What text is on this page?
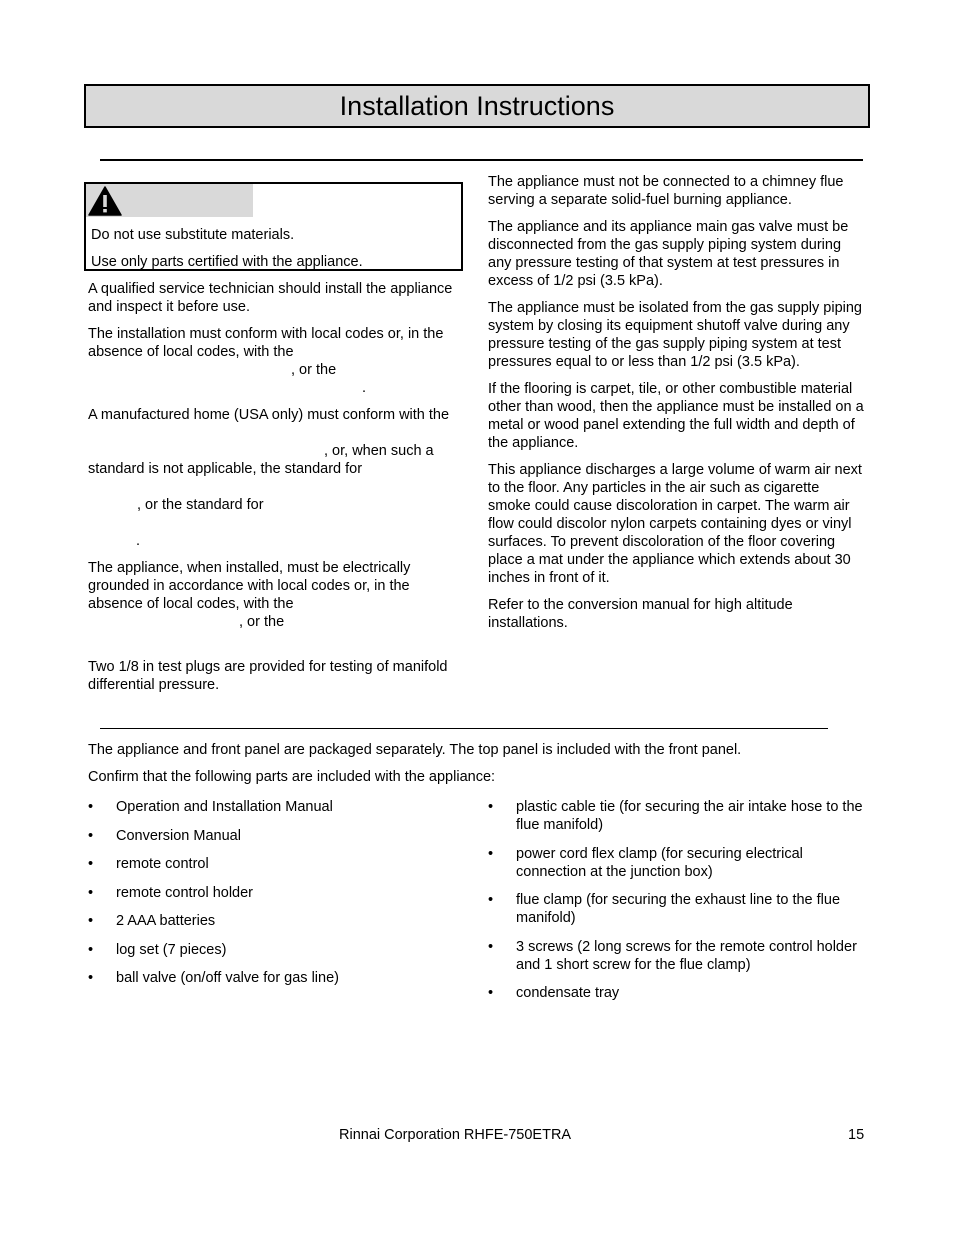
Installation Instructions
Do not use substitute materials.
Use only parts certified with the appliance.

A qualified service technician should install the appliance and inspect it before use.

The installation must conform with local codes or, in the absence of local codes, with the

, or the
.

A manufactured home (USA only) must conform with the

, or, when such a standard is not applicable, the standard for
, or the standard for
.

The appliance, when installed, must be electrically grounded in accordance with local codes or, in the absence of local codes, with the

, or the

Two 1/8 in test plugs are provided for testing of manifold differential pressure.

The appliance must not be connected to a chimney flue serving a separate solid-fuel burning appliance.

The appliance and its appliance main gas valve must be disconnected from the gas supply piping system during any pressure testing of that system at test pressures in excess of 1/2 psi (3.5 kPa).

The appliance must be isolated from the gas supply piping system by closing its equipment shutoff valve during any pressure testing of the gas supply piping system at test pressures equal to or less than 1/2 psi (3.5 kPa).

If the flooring is carpet, tile, or other combustible material other than wood, then the appliance must be installed on a metal or wood panel extending the full width and depth of the appliance.

This appliance discharges a large volume of warm air next to the floor. Any particles in the air such as cigarette smoke could cause discoloration in carpet. The warm air flow could discolor nylon carpets containing dyes or vinyl surfaces. To prevent discoloration of the floor covering place a mat under the appliance which extends about 30 inches in front of it.

Refer to the conversion manual for high altitude installations.

The appliance and front panel are packaged separately. The top panel is included with the front panel.

Confirm that the following parts are included with the appliance:

• Operation and Installation Manual
• Conversion Manual
• remote control
• remote control holder
• 2 AAA batteries
• log set (7 pieces)
• ball valve (on/off valve for gas line)
• plastic cable tie (for securing the air intake hose to the flue manifold)
• power cord flex clamp (for securing electrical connection at the junction box)
• flue clamp (for securing the exhaust line to the flue manifold)
• 3 screws (2 long screws for the remote control holder and 1 short screw for the flue clamp)
• condensate tray
Rinnai Corporation RHFE-750ETRA	15
